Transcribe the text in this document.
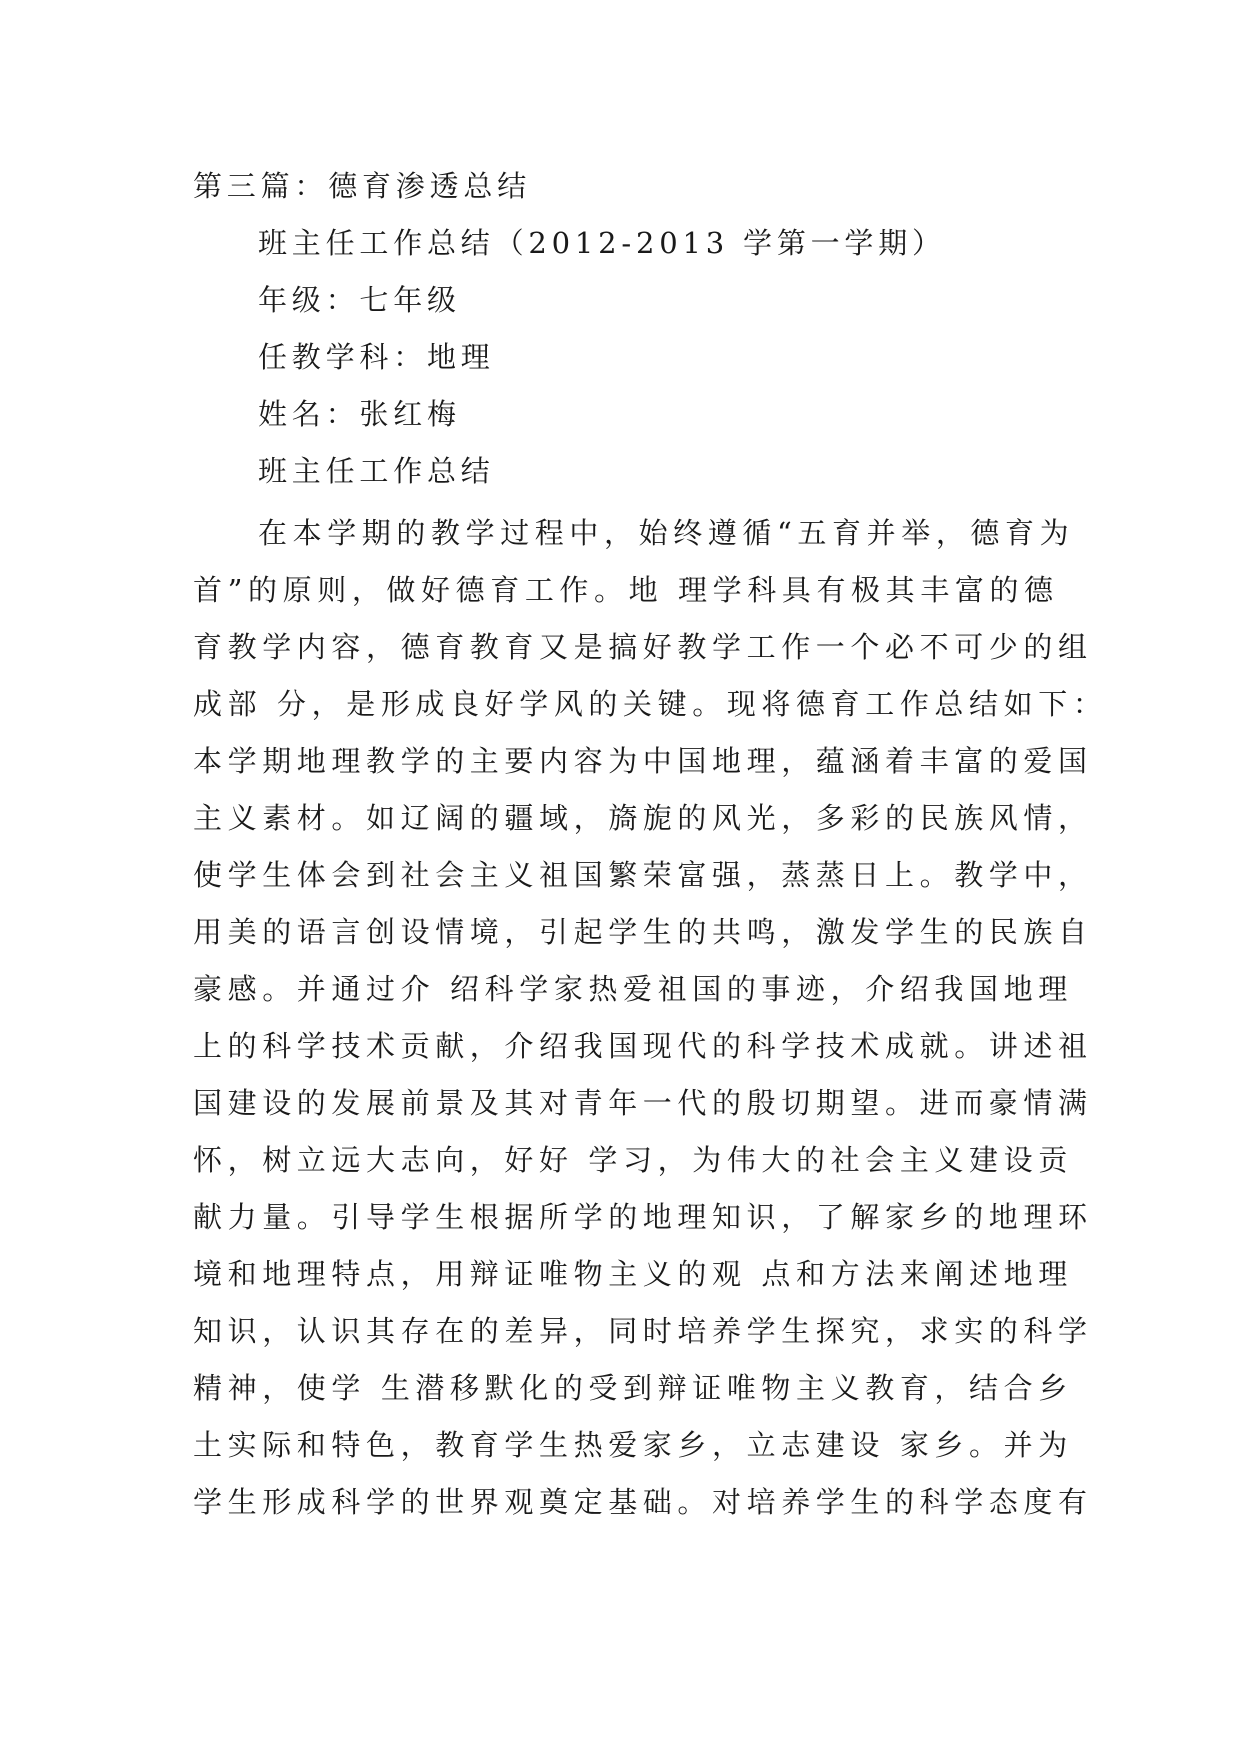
第三篇：德育渗透总结
班主任工作总结（2012-2013 学第一学期）
年级：七年级
任教学科：地理
姓名：张红梅
班主任工作总结
在本学期的教学过程中，始终遵循“五育并举，德育为
首”的原则，做好德育工作。地 理学科具有极其丰富的德
育教学内容，德育教育又是搞好教学工作一个必不可少的组
成部 分，是形成良好学风的关键。现将德育工作总结如下：
本学期地理教学的主要内容为中国地理，蕴涵着丰富的爱国
主义素材。如辽阔的疆域，旖旎的风光，多彩的民族风情，
使学生体会到社会主义祖国繁荣富强，蒸蒸日上。教学中，
用美的语言创设情境，引起学生的共鸣，激发学生的民族自
豪感。并通过介 绍科学家热爱祖国的事迹，介绍我国地理
上的科学技术贡献，介绍我国现代的科学技术成就。讲述祖
国建设的发展前景及其对青年一代的殷切期望。进而豪情满
怀，树立远大志向，好好 学习，为伟大的社会主义建设贡
献力量。引导学生根据所学的地理知识，了解家乡的地理环
境和地理特点，用辩证唯物主义的观 点和方法来阐述地理
知识，认识其存在的差异，同时培养学生探究，求实的科学
精神，使学 生潜移默化的受到辩证唯物主义教育，结合乡
土实际和特色，教育学生热爱家乡，立志建设 家乡。并为
学生形成科学的世界观奠定基础。对培养学生的科学态度有
